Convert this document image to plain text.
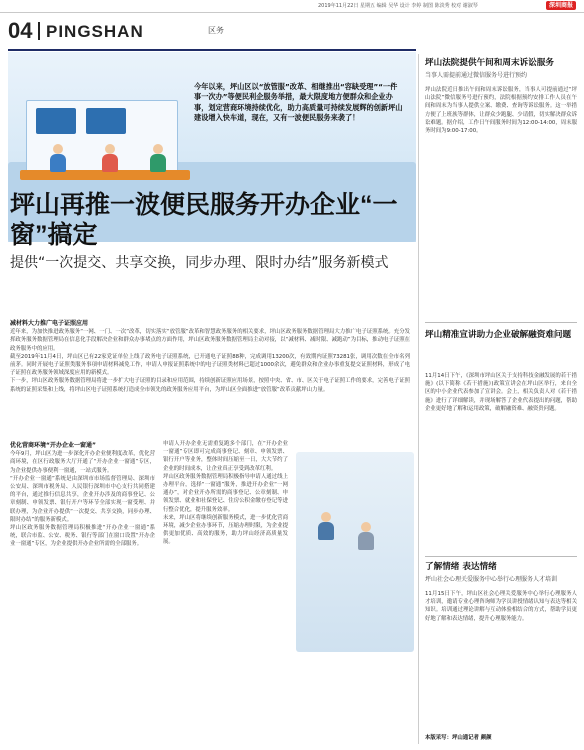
2019年11月22日 星期五 编辑 吴华 设计 李婷 制图 陈淡秀 校对 谢淑琴	深圳商报
04 PINGSHAN	区务
今年以来，坪山区以“放管服”改革、相继推出“容缺受理”“一件事一次办”等便民利企服务举措，最大限度地方便群众和企业办事，划定营商环境持续优化，助力高质量可持续发展辉的创新坪山建设增入快车道，现在，又有一波便民服务来袭了！
坪山再推一波便民服务开办企业“一窗”搞定
提供“一次提交、共享交换，同步办理、限时办结”服务新模式
减材料大力推广电子证照应用
近年来，为加快推进政务服务“一网、一门、一次”改革，切实落实“放管服”改革和智慧政务服务的相关要求，坪山区政务服务数据管理局大力推广电子证照系统。充分发挥政务服务数据管理局在信息化手段解决企业和群众办事堵点的方面作用，坪山区政务服务数据管理局主动对接，以“减材料、减时限、减跑动”为目标，推动电子证照在政务服务中的应用。
截至2019年11月4日，坪山区已有22家党证单位上线了政务电子证照系统，已开通电子证照88种，完成调用13200次，有效期内证照73281张，调用次数在全市名列前茅。同时开展电子证照类服务事项申请材料减免工作，申请人申报证照系统中的电子证照类材料已超过1000余次，避免群众和企业办事重复提交证照材料，形成了电子证照在政务服务领域深度应用的新模式。
下一步，坪山区政务服务数据管理局将进一步扩大电子证照的目录和应用范围，持续创新证照应用场景，按照中央、省、市、区关于电子证照工作的要求，完善电子证照系统的证照采集和上线，将坪山区电子证照系统打造成全市领先的政务服务应用平台，为坪山区全面推进“放管服”改革贡献坪山力量。
优化营商环境“开办企业一窗通”
今年9月，坪山区为进一步深化开办企业便利度改革，优化营商环境，在区行政服务大厅开通了“开办企业一窗通”专区，为企业提供办事便利一窗通，一站式服务。
“开办企业一窗通”系统是由深圳市市场监督管理局、深圳市公安局、深圳市税务局、人民银行深圳市中心支行共同搭建的平台，通过推行信息共享，企业开办涉及的商事登记、公章刻制、申领发票、银行开户等环节全部实现一窗受理、并联办理，为企业开办提供“一次提交、共享交换，同步办理、限时办结”的服务新模式。
坪山区政务服务数据管理局积极推进“开办企业一窗通”系统，联合市监、公安、税务、银行等部门在窗口设置“开办企业一窗通”专区，为企业提供开办企业所需的全部服务。
申请人开办企业无需重复跑多个部门，在“开办企业一窗通”专区即可完成商事登记、刻章、申领发票、银行开户等业务，整体时间压缩至一日，大大节约了企业的时间成本，让企业真正享受到改革红利。
坪山区政务服务数据管理局积极指导申请人通过线上办理平台，选择“一窗通”服务，推进开办企业“一网通办”，对企业开办所需的商事登记、公章刻制、申领发票、就业和社保登记、住房公积金缴存登记等进行整合优化，提升服务效率。
未来，坪山区将继续创新服务模式，进一步优化营商环境，减少企业办事环节，压缩办理时限，为企业提供更加优质、高效的服务，助力坪山经济高质量发展。
坪山法院提供午间和周末诉讼服务
当事人需提前通过微信服务号进行预约
坪山法院近日推出午间和周末诉讼服务，当事人可提前通过“坪山法院”微信服务号进行预约，法院根据预约安排工作人员在午间和周末为当事人提供立案、缴费、查询等诉讼服务。这一举措方便了上班族等群体，让群众少跑腿、少请假，切实解决群众诉讼难题。据介绍，工作日午间服务时间为12:00-14:00，周末服务时间为9:00-17:00。
坪山精准宣讲助力企业破解融资难问题
11月14日下午，《深圳市坪山区关于支持科技金融发展的若干措施》(以下简称《若干措施》)政策宣讲会在坪山区举行，来自全区的中小企业代表参加了宣讲会。会上，相关负责人对《若干措施》进行了详细解读，并现场解答了企业代表提出的问题，帮助企业更好地了解和运用政策，破解融资难、融资贵问题。
了解情绪 表达情绪
坪山社会心理关爱服务中心举行心理服务人才培训
11月15日下午，坪山区社会心理关爱服务中心举行心理服务人才培训，邀请专业心理咨询师为学员讲授情绪认知与表达等相关知识。培训通过理论讲解与互动体验相结合的方式，帮助学员更好地了解和表达情绪，提升心理服务能力。
本版采写：坪山通记者 颜颜
